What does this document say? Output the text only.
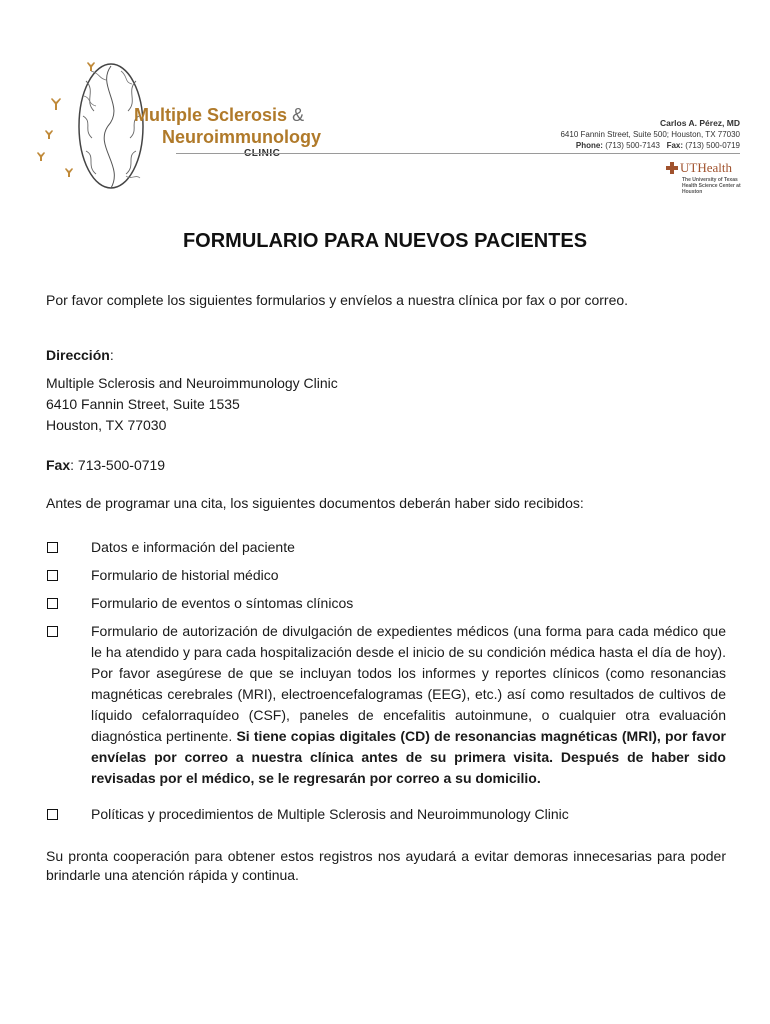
Multiple Sclerosis &
Neuroimmunology
Carlos A. Pérez, MD
6410 Fannin Street, Suite 500; Houston, TX 77030
Phone: (713) 500-7143 Fax: (713) 500-0719
UTHealth
The University of Texas
Health Science Center at Houston
FORMULARIO PARA NUEVOS PACIENTES

Por favor complete los siguientes formularios y envíelos a nuestra clínica por fax o por correo.

Dirección:

Multiple Sclerosis and Neuroimmunology Clinic

6410 Fannin Street, Suite 1535

Houston, TX 77030

Fax: 713-500-0719

Antes de programar una cita, los siguientes documentos deberán haber sido recibidos:

Datos e información del paciente

Formulario de historial médico

Formulario de eventos o síntomas clínicos

Formulario de autorización de divulgación de expedientes médicos (una forma para cada médico que le ha atendido y para cada hospitalización desde el inicio de su condición médica hasta el día de hoy). Por favor asegúrese de que se incluyan todos los informes y reportes clínicos (como resonancias magnéticas cerebrales (MRI), electroencefalogramas (EEG), etc.) así como resultados de cultivos de líquido cefalorraquídeo (CSF), paneles de encefalitis autoinmune, o cualquier otra evaluación diagnóstica pertinente. Si tiene copias digitales (CD) de resonancias magnéticas (MRI), por favor envíelas por correo a nuestra clínica antes de su primera visita. Después de haber sido revisadas por el médico, se le regresarán por correo a su domicilio.

Políticas y procedimientos de Multiple Sclerosis and Neuroimmunology Clinic

Su pronta cooperación para obtener estos registros nos ayudará a evitar demoras innecesarias para poder brindarle una atención rápida y continua.
